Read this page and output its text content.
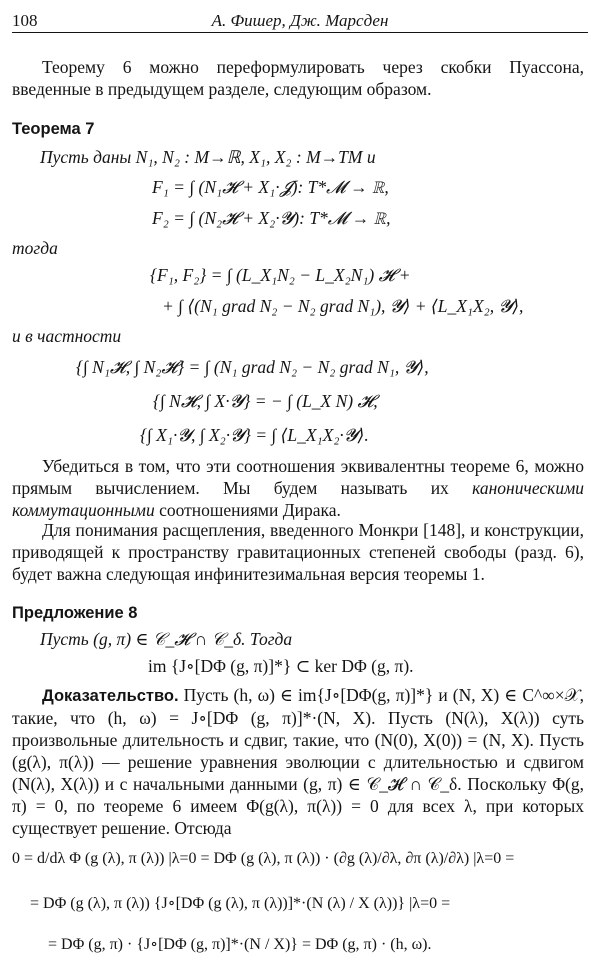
108	А. Фишер, Дж. Марсден

Теорему 6 можно переформулировать через скобки Пуассона, введенные в предыдущем разделе, следующим образом.

Теорема 7
Пусть даны N₁, N₂ : M→ℝ, X₁, X₂ : M→TM и
F₁ = ∫ (N₁𝓗 + X₁·𝓙): T*𝓜 → ℝ,
F₂ = ∫ (N₂𝓗 + X₂·𝓨): T*𝓜 → ℝ,
тогда
{F₁, F₂} = ∫ (L_X₁N₂ − L_X₂N₁) 𝓗 +
+ ∫ ⟨(N₁ grad N₂ − N₂ grad N₁), 𝓨⟩ + ⟨L_X₁X₂, 𝓨⟩,
и в частности
{∫ N₁𝓗, ∫ N₂𝓗} = ∫ (N₁ grad N₂ − N₂ grad N₁, 𝓨⟩,
{∫ N𝓗, ∫ X·𝓨} = − ∫ (L_X N) 𝓗,
{∫ X₁·𝓨, ∫ X₂·𝓨} = ∫ ⟨L_X₁X₂·𝓨⟩.

Убедиться в том, что эти соотношения эквивалентны теореме 6, можно прямым вычислением. Мы будем называть их каноническими коммутационными соотношениями Дирака.

Для понимания расщепления, введенного Монкри [148], и конструкции, приводящей к пространству гравитационных степеней свободы (разд. 6), будет важна следующая инфинитезимальная версия теоремы 1.

Предложение 8
Пусть (g, π) ∈ 𝒞_𝓗 ∩ 𝒞_δ. Тогда
im {J∘[DΦ (g, π)]*} ⊂ ker DΦ (g, π).

Доказательство. Пусть (h, ω) ∈ im{J∘[DΦ(g, π)]*} и (N, X) ∈ C^∞×𝒳, такие, что (h, ω) = J∘[DΦ (g, π)]*·(N, X). Пусть (N(λ), X(λ)) суть произвольные длительность и сдвиг, такие, что (N(0), X(0)) = (N, X). Пусть (g(λ), π(λ)) — решение уравнения эволюции с длительностью и сдвигом (N(λ), X(λ)) и с начальными данными (g, π) ∈ 𝒞_𝓗 ∩ 𝒞_δ. Поскольку Φ(g, π) = 0, по теореме 6 имеем Φ(g(λ), π(λ)) = 0 для всех λ, при которых существует решение. Отсюда

0 = d/dλ Φ (g (λ), π (λ)) |λ=0 = DΦ (g (λ), π (λ)) · (∂g (λ)/∂λ, ∂π (λ)/∂λ) |λ=0 =
= DΦ (g (λ), π (λ)) {J∘[DΦ (g (λ), π (λ))]*·(N (λ) / X (λ))} |λ=0 =
= DΦ (g, π) · {J∘[DΦ (g, π)]*·(N / X)} = DΦ (g, π) · (h, ω).
